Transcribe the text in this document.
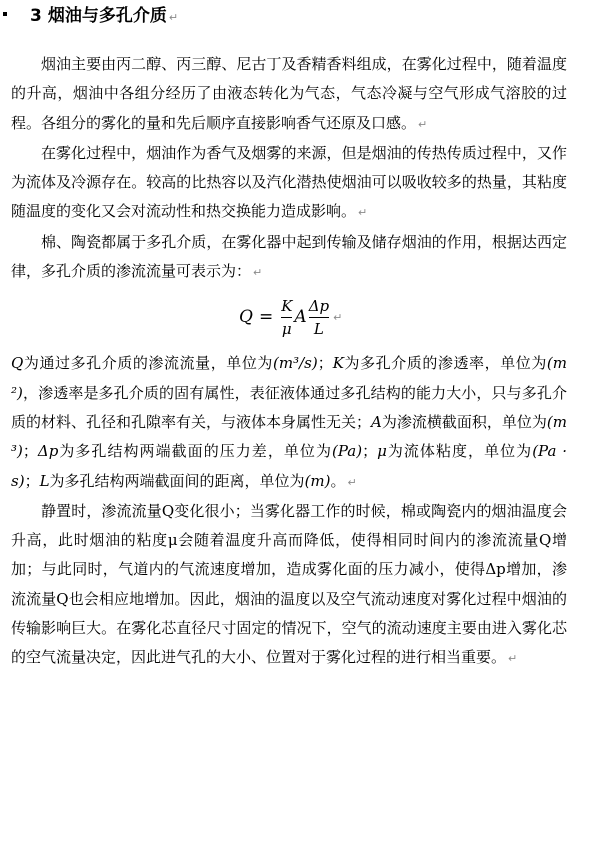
3 烟油与多孔介质 ↵

烟油主要由丙二醇、丙三醇、尼古丁及香精香料组成，在雾化过程中，随着温度的升高，烟油中各组分经历了由液态转化为气态，气态冷凝与空气形成气溶胶的过程。各组分的雾化的量和先后顺序直接影响香气还原及口感。 ↵

在雾化过程中，烟油作为香气及烟雾的来源，但是烟油的传热传质过程中，又作为流体及冷源存在。较高的比热容以及汽化潜热使烟油可以吸收较多的热量，其粘度随温度的变化又会对流动性和热交换能力造成影响。 ↵

棉、陶瓷都属于多孔介质，在雾化器中起到传输及储存烟油的作用，根据达西定律，多孔介质的渗流流量可表示为： ↵

$Q = \frac{K}{\mu}$ A $\frac{\Delta p}{L}$ ↵

Q为通过多孔介质的渗流流量，单位为(m³/s)；K为多孔介质的渗透率，单位为(m²)，渗透率是多孔介质的固有属性，表征液体通过多孔结构的能力大小，只与多孔介质的材料、孔径和孔隙率有关，与液体本身属性无关；A为渗流横截面积，单位为(m³)；Δp为多孔结构两端截面的压力差，单位为(Pa)；μ为流体粘度，单位为(Pa · s)；L为多孔结构两端截面间的距离，单位为(m)。 ↵

静置时，渗流流量Q变化很小；当雾化器工作的时候，棉或陶瓷内的烟油温度会升高，此时烟油的粘度μ会随着温度升高而降低，使得相同时间内的渗流流量Q增加；与此同时，气道内的气流速度增加，造成雾化面的压力减小，使得Δp增加，渗流流量Q也会相应地增加。因此，烟油的温度以及空气流动速度对雾化过程中烟油的传输影响巨大。在雾化芯直径尺寸固定的情况下，空气的流动速度主要由进入雾化芯的空气流量决定，因此进气孔的大小、位置对于雾化过程的进行相当重要。 ↵
